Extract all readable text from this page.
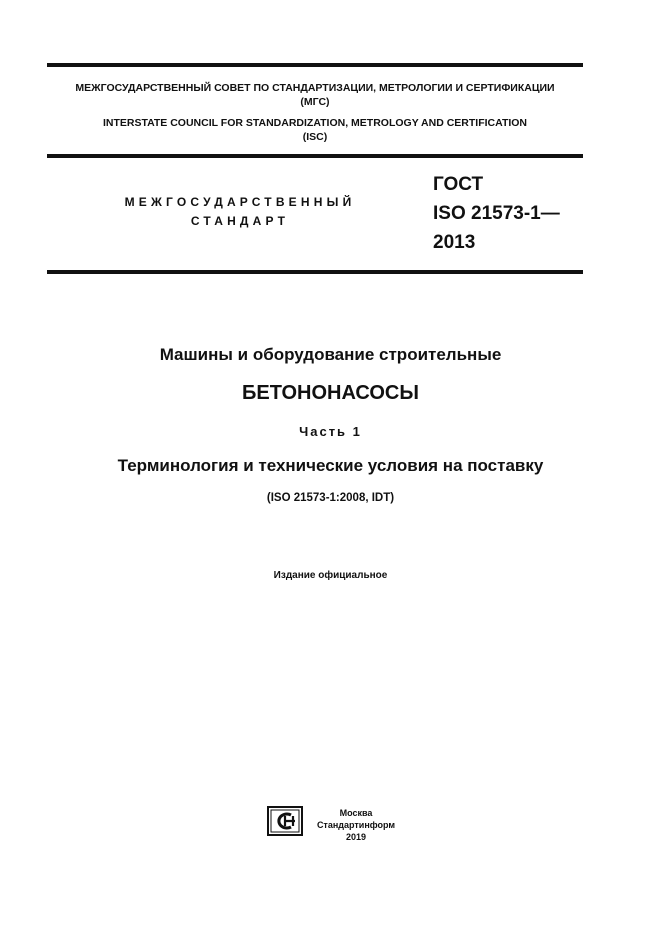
МЕЖГОСУДАРСТВЕННЫЙ СОВЕТ ПО СТАНДАРТИЗАЦИИ, МЕТРОЛОГИИ И СЕРТИФИКАЦИИ
(МГС)
INTERSTATE COUNCIL FOR STANDARDIZATION, METROLOGY AND CERTIFICATION
(ISC)
МЕЖГОСУДАРСТВЕННЫЙ
СТАНДАРТ
ГОСТ
ISO 21573-1—
2013
Машины и оборудование строительные
БЕТОНОНАСОСЫ
Часть 1
Терминология и технические условия на поставку
(ISO 21573-1:2008, IDT)
Издание официальное
Москва
Стандартинформ
2019
